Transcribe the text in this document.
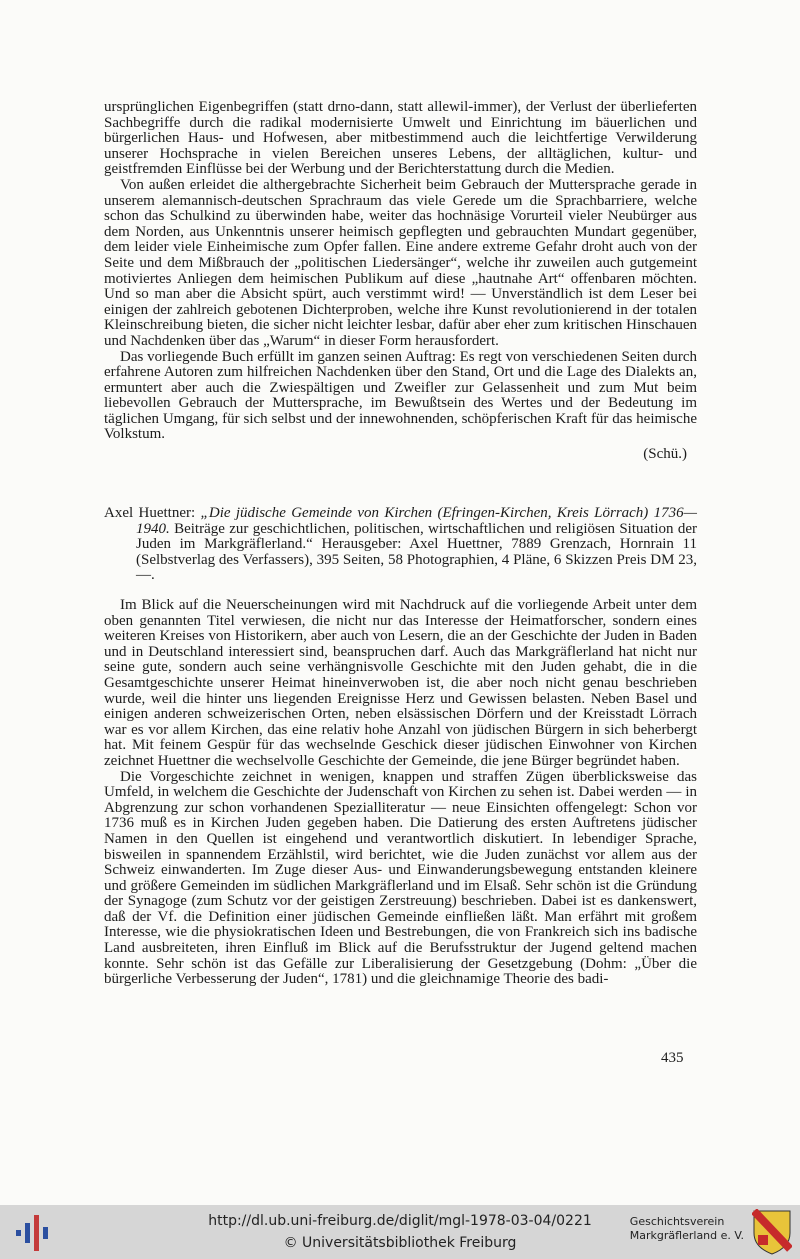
ursprünglichen Eigenbegriffen (statt drno-dann, statt allewil-immer), der Verlust der überlieferten Sachbegriffe durch die radikal modernisierte Umwelt und Einrichtung im bäuerlichen und bürgerlichen Haus- und Hofwesen, aber mitbestimmend auch die leichtfertige Verwilderung unserer Hochsprache in vielen Bereichen unseres Lebens, der alltäglichen, kultur- und geistfremden Einflüsse bei der Werbung und der Berichterstattung durch die Medien.

Von außen erleidet die althergebrachte Sicherheit beim Gebrauch der Muttersprache gerade in unserem alemannisch-deutschen Sprachraum das viele Gerede um die Sprachbarriere, welche schon das Schulkind zu überwinden habe, weiter das hochnäsige Vorurteil vieler Neubürger aus dem Norden, aus Unkenntnis unserer heimisch gepflegten und gebrauchten Mundart gegenüber, dem leider viele Einheimische zum Opfer fallen. Eine andere extreme Gefahr droht auch von der Seite und dem Mißbrauch der „politischen Liedersänger“, welche ihr zuweilen auch gutgemeint motiviertes Anliegen dem heimischen Publikum auf diese „hautnahe Art“ offenbaren möchten. Und so man aber die Absicht spürt, auch verstimmt wird! — Unverständlich ist dem Leser bei einigen der zahlreich gebotenen Dichterproben, welche ihre Kunst revolutionierend in der totalen Kleinschreibung bieten, die sicher nicht leichter lesbar, dafür aber eher zum kritischen Hinschauen und Nachdenken über das „Warum“ in dieser Form herausfordert.

Das vorliegende Buch erfüllt im ganzen seinen Auftrag: Es regt von verschiedenen Seiten durch erfahrene Autoren zum hilfreichen Nachdenken über den Stand, Ort und die Lage des Dialekts an, ermuntert aber auch die Zwiespältigen und Zweifler zur Gelassenheit und zum Mut beim liebevollen Gebrauch der Muttersprache, im Bewußtsein des Wertes und der Bedeutung im täglichen Umgang, für sich selbst und der innewohnenden, schöpferischen Kraft für das heimische Volkstum.

(Schü.)

Axel Huettner: „Die jüdische Gemeinde von Kirchen (Efringen-Kirchen, Kreis Lörrach) 1736—1940. Beiträge zur geschichtlichen, politischen, wirtschaftlichen und religiösen Situation der Juden im Markgräflerland.“ Herausgeber: Axel Huettner, 7889 Grenzach, Hornrain 11 (Selbstverlag des Verfassers), 395 Seiten, 58 Photographien, 4 Pläne, 6 Skizzen Preis DM 23,—.

Im Blick auf die Neuerscheinungen wird mit Nachdruck auf die vorliegende Arbeit unter dem oben genannten Titel verwiesen, die nicht nur das Interesse der Heimatforscher, sondern eines weiteren Kreises von Historikern, aber auch von Lesern, die an der Geschichte der Juden in Baden und in Deutschland interessiert sind, beanspruchen darf. Auch das Markgräflerland hat nicht nur seine gute, sondern auch seine verhängnisvolle Geschichte mit den Juden gehabt, die in die Gesamtgeschichte unserer Heimat hineinverwoben ist, die aber noch nicht genau beschrieben wurde, weil die hinter uns liegenden Ereignisse Herz und Gewissen belasten. Neben Basel und einigen anderen schweizerischen Orten, neben elsässischen Dörfern und der Kreisstadt Lörrach war es vor allem Kirchen, das eine relativ hohe Anzahl von jüdischen Bürgern in sich beherbergt hat. Mit feinem Gespür für das wechselnde Geschick dieser jüdischen Einwohner von Kirchen zeichnet Huettner die wechselvolle Geschichte der Gemeinde, die jene Bürger begründet haben.

Die Vorgeschichte zeichnet in wenigen, knappen und straffen Zügen überblicksweise das Umfeld, in welchem die Geschichte der Judenschaft von Kirchen zu sehen ist. Dabei werden — in Abgrenzung zur schon vorhandenen Spezialliteratur — neue Einsichten offengelegt: Schon vor 1736 muß es in Kirchen Juden gegeben haben. Die Datierung des ersten Auftretens jüdischer Namen in den Quellen ist eingehend und verantwortlich diskutiert. In lebendiger Sprache, bisweilen in spannendem Erzählstil, wird berichtet, wie die Juden zunächst vor allem aus der Schweiz einwanderten. Im Zuge dieser Aus- und Einwanderungsbewegung entstanden kleinere und größere Gemeinden im südlichen Markgräflerland und im Elsaß. Sehr schön ist die Gründung der Synagoge (zum Schutz vor der geistigen Zerstreuung) beschrieben. Dabei ist es dankenswert, daß der Vf. die Definition einer jüdischen Gemeinde einfließen läßt. Man erfährt mit großem Interesse, wie die physiokratischen Ideen und Bestrebungen, die von Frankreich sich ins badische Land ausbreiteten, ihren Einfluß im Blick auf die Berufsstruktur der Jugend geltend machen konnte. Sehr schön ist das Gefälle zur Liberalisierung der Gesetzgebung (Dohm: „Über die bürgerliche Verbesserung der Juden“, 1781) und die gleichnamige Theorie des badi-

435
http://dl.ub.uni-freiburg.de/diglit/mgl-1978-03-04/0221
© Universitätsbibliothek Freiburg
Geschichtsverein
Markgräflerland e. V.
